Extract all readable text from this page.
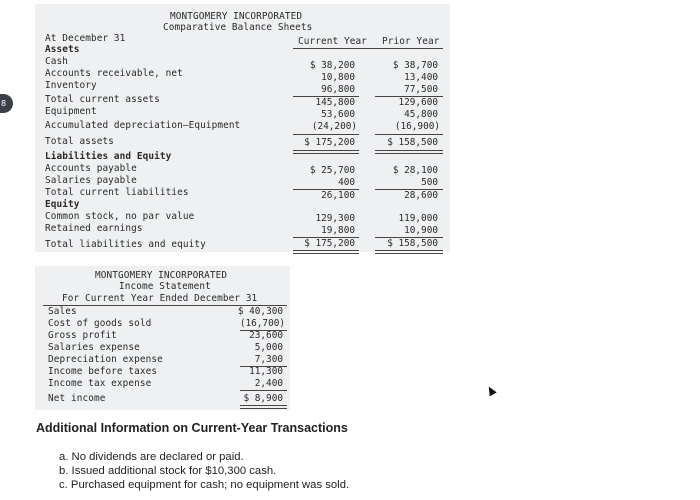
8
MONTGOMERY INCORPORATED
Comparative Balance Sheets
At December 31	Current Year Prior Year
Assets
Cash	$ 38,200	$ 38,700
Accounts receivable, net	10,800	13,400
Inventory	96,800	77,500
Total current assets	145,800	129,600
Equipment	53,600	45,800
Accumulated depreciation—Equipment	(24,200)	(16,900)
Total assets	$ 175,200	$ 158,500
Liabilities and Equity
Accounts payable	$ 25,700	$ 28,100
Salaries payable	400	500
Total current liabilities	26,100	28,600
Equity
Common stock, no par value	129,300	119,000
Retained earnings	19,800	10,900
Total liabilities and equity	$ 175,200	$ 158,500
MONTGOMERY INCORPORATED
Income Statement
For Current Year Ended December 31
Sales	$ 40,300
Cost of goods sold	(16,700)
Gross profit	23,600
Salaries expense	5,000
Depreciation expense	7,300
Income before taxes	11,300
Income tax expense	2,400
Net income	$ 8,900
Additional Information on Current-Year Transactions
a. No dividends are declared or paid.
b. Issued additional stock for $10,300 cash.
c. Purchased equipment for cash; no equipment was sold.
